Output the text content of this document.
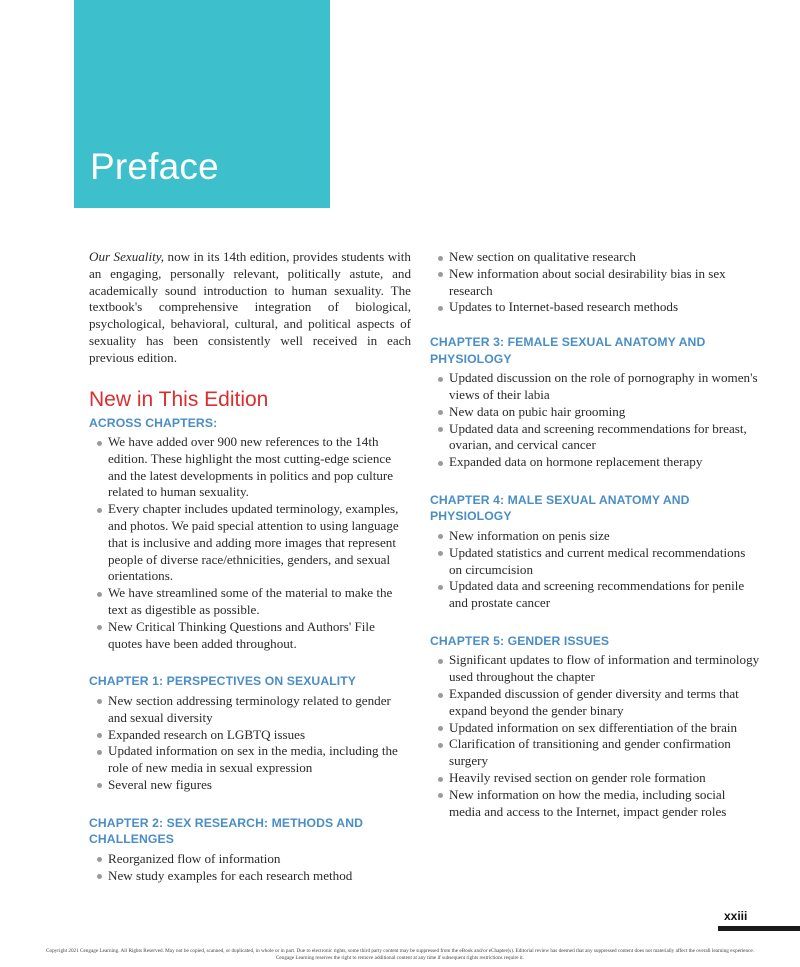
Preface

Our Sexuality, now in its 14th edition, provides students with an engaging, personally relevant, politically astute, and academically sound introduction to human sexuality. The textbook's comprehensive integration of biological, psychological, behavioral, cultural, and political aspects of sexuality has been consistently well received in each previous edition.

New in This Edition
ACROSS CHAPTERS:
We have added over 900 new references to the 14th edition. These highlight the most cutting-edge science and the latest developments in politics and pop culture related to human sexuality.
Every chapter includes updated terminology, examples, and photos. We paid special attention to using language that is inclusive and adding more images that represent people of diverse race/ethnicities, genders, and sexual orientations.
We have streamlined some of the material to make the text as digestible as possible.
New Critical Thinking Questions and Authors' File quotes have been added throughout.
CHAPTER 1: PERSPECTIVES ON SEXUALITY
New section addressing terminology related to gender and sexual diversity
Expanded research on LGBTQ issues
Updated information on sex in the media, including the role of new media in sexual expression
Several new figures
CHAPTER 2: SEX RESEARCH: METHODS AND CHALLENGES
Reorganized flow of information
New study examples for each research method
New section on qualitative research
New information about social desirability bias in sex research
Updates to Internet-based research methods
CHAPTER 3: FEMALE SEXUAL ANATOMY AND PHYSIOLOGY
Updated discussion on the role of pornography in women's views of their labia
New data on pubic hair grooming
Updated data and screening recommendations for breast, ovarian, and cervical cancer
Expanded data on hormone replacement therapy
CHAPTER 4: MALE SEXUAL ANATOMY AND PHYSIOLOGY
New information on penis size
Updated statistics and current medical recommendations on circumcision
Updated data and screening recommendations for penile and prostate cancer
CHAPTER 5: GENDER ISSUES
Significant updates to flow of information and terminology used throughout the chapter
Expanded discussion of gender diversity and terms that expand beyond the gender binary
Updated information on sex differentiation of the brain
Clarification of transitioning and gender confirmation surgery
Heavily revised section on gender role formation
New information on how the media, including social media and access to the Internet, impact gender roles
xxiii
Copyright 2021 Cengage Learning. All Rights Reserved. May not be copied, scanned, or duplicated, in whole or in part. Due to electronic rights, some third party content may be suppressed from the eBook and/or eChapter(s). Editorial review has deemed that any suppressed content does not materially affect the overall learning experience. Cengage Learning reserves the right to remove additional content at any time if subsequent rights restrictions require it.
